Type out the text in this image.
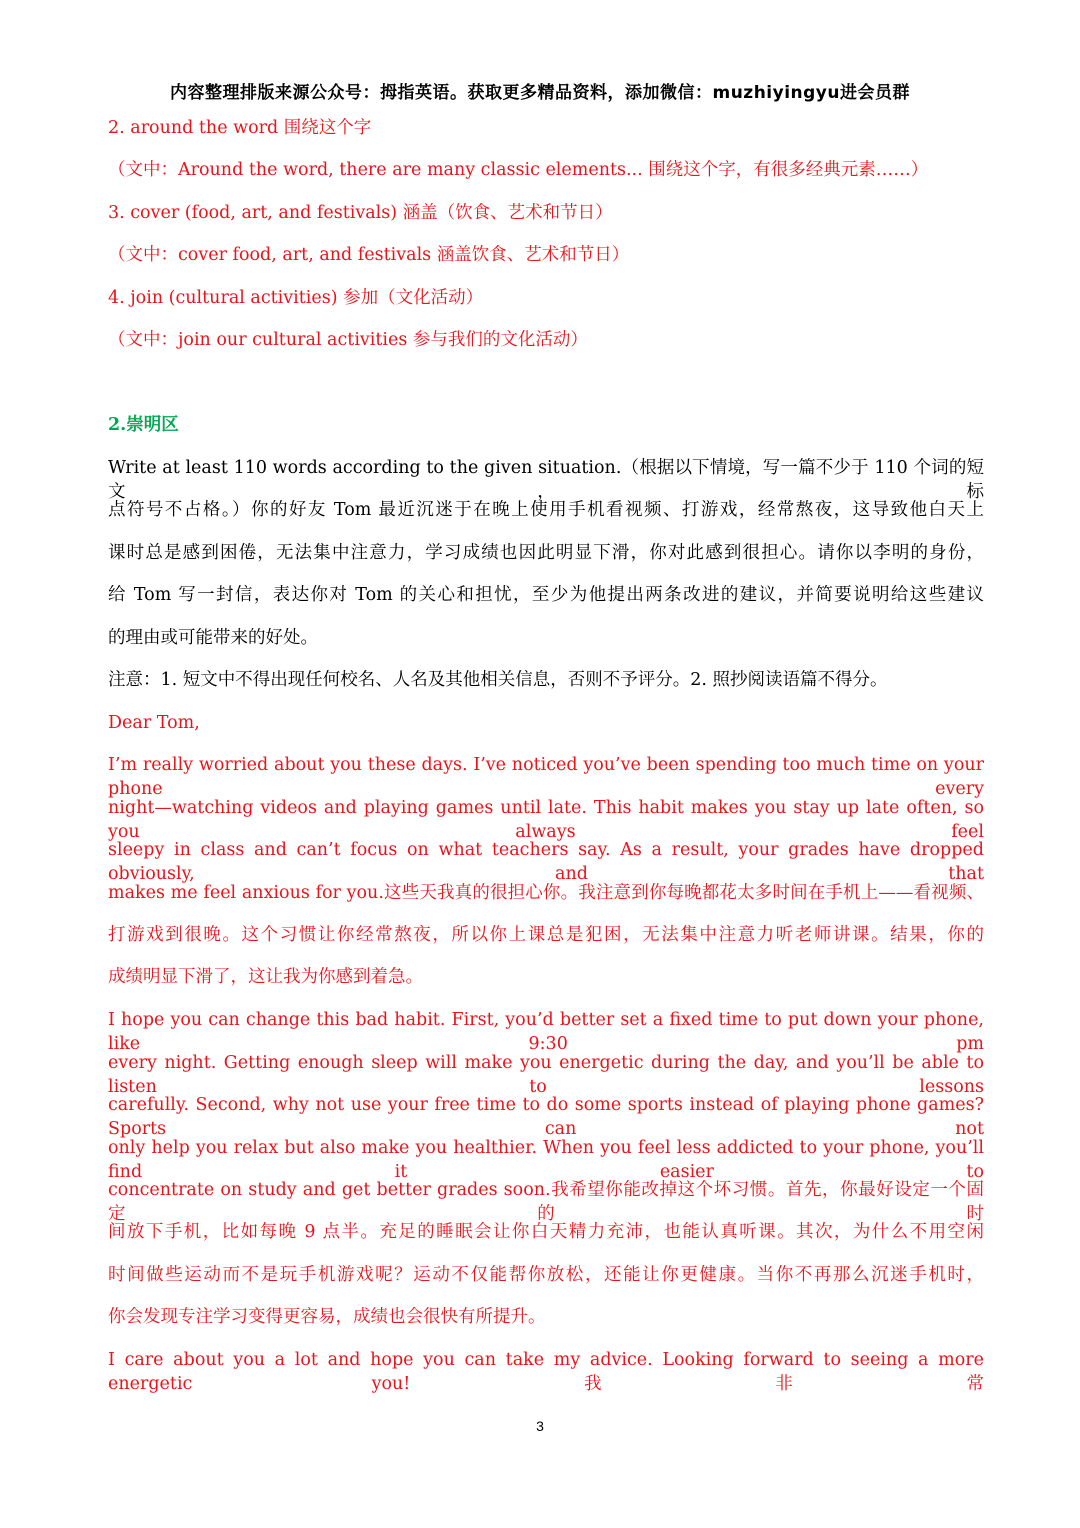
内容整理排版来源公众号：拇指英语。获取更多精品资料，添加微信：muzhiyingyu进会员群
2. around the word 围绕这个字
（文中：Around the word, there are many classic elements... 围绕这个字，有很多经典元素……）
3. cover (food, art, and festivals) 涵盖（饮食、艺术和节日）
（文中：cover food, art, and festivals 涵盖饮食、艺术和节日）
4. join (cultural activities) 参加（文化活动）
（文中：join our cultural activities 参与我们的文化活动）
2.崇明区
Write at least 110 words according to the given situation.（根据以下情境，写一篇不少于 110 个词的短文，标
点符号不占格。）你的好友 Tom 最近沉迷于在晚上使用手机看视频、打游戏，经常熬夜，这导致他白天上
课时总是感到困倦，无法集中注意力，学习成绩也因此明显下滑，你对此感到很担心。请你以李明的身份，
给 Tom 写一封信，表达你对 Tom 的关心和担忧，至少为他提出两条改进的建议，并简要说明给这些建议
的理由或可能带来的好处。
注意：1. 短文中不得出现任何校名、人名及其他相关信息，否则不予评分。2. 照抄阅读语篇不得分。
Dear Tom,
I’m really worried about you these days. I’ve noticed you’ve been spending too much time on your phone every
night—watching videos and playing games until late. This habit makes you stay up late often, so you always feel
sleepy in class and can’t focus on what teachers say. As a result, your grades have dropped obviously, and that
makes me feel anxious for you.这些天我真的很担心你。我注意到你每晚都花太多时间在手机上——看视频、
打游戏到很晚。这个习惯让你经常熬夜，所以你上课总是犯困，无法集中注意力听老师讲课。结果，你的
成绩明显下滑了，这让我为你感到着急。
I hope you can change this bad habit. First, you’d better set a fixed time to put down your phone, like 9:30 pm
every night. Getting enough sleep will make you energetic during the day, and you’ll be able to listen to lessons
carefully. Second, why not use your free time to do some sports instead of playing phone games? Sports can not
only help you relax but also make you healthier. When you feel less addicted to your phone, you’ll find it easier to
concentrate on study and get better grades soon.我希望你能改掉这个坏习惯。首先，你最好设定一个固定的时
间放下手机，比如每晚 9 点半。充足的睡眠会让你白天精力充沛，也能认真听课。其次，为什么不用空闲
时间做些运动而不是玩手机游戏呢？运动不仅能帮你放松，还能让你更健康。当你不再那么沉迷手机时，
你会发现专注学习变得更容易，成绩也会很快有所提升。
I care about you a lot and hope you can take my advice. Looking forward to seeing a more energetic you!我非常
3
